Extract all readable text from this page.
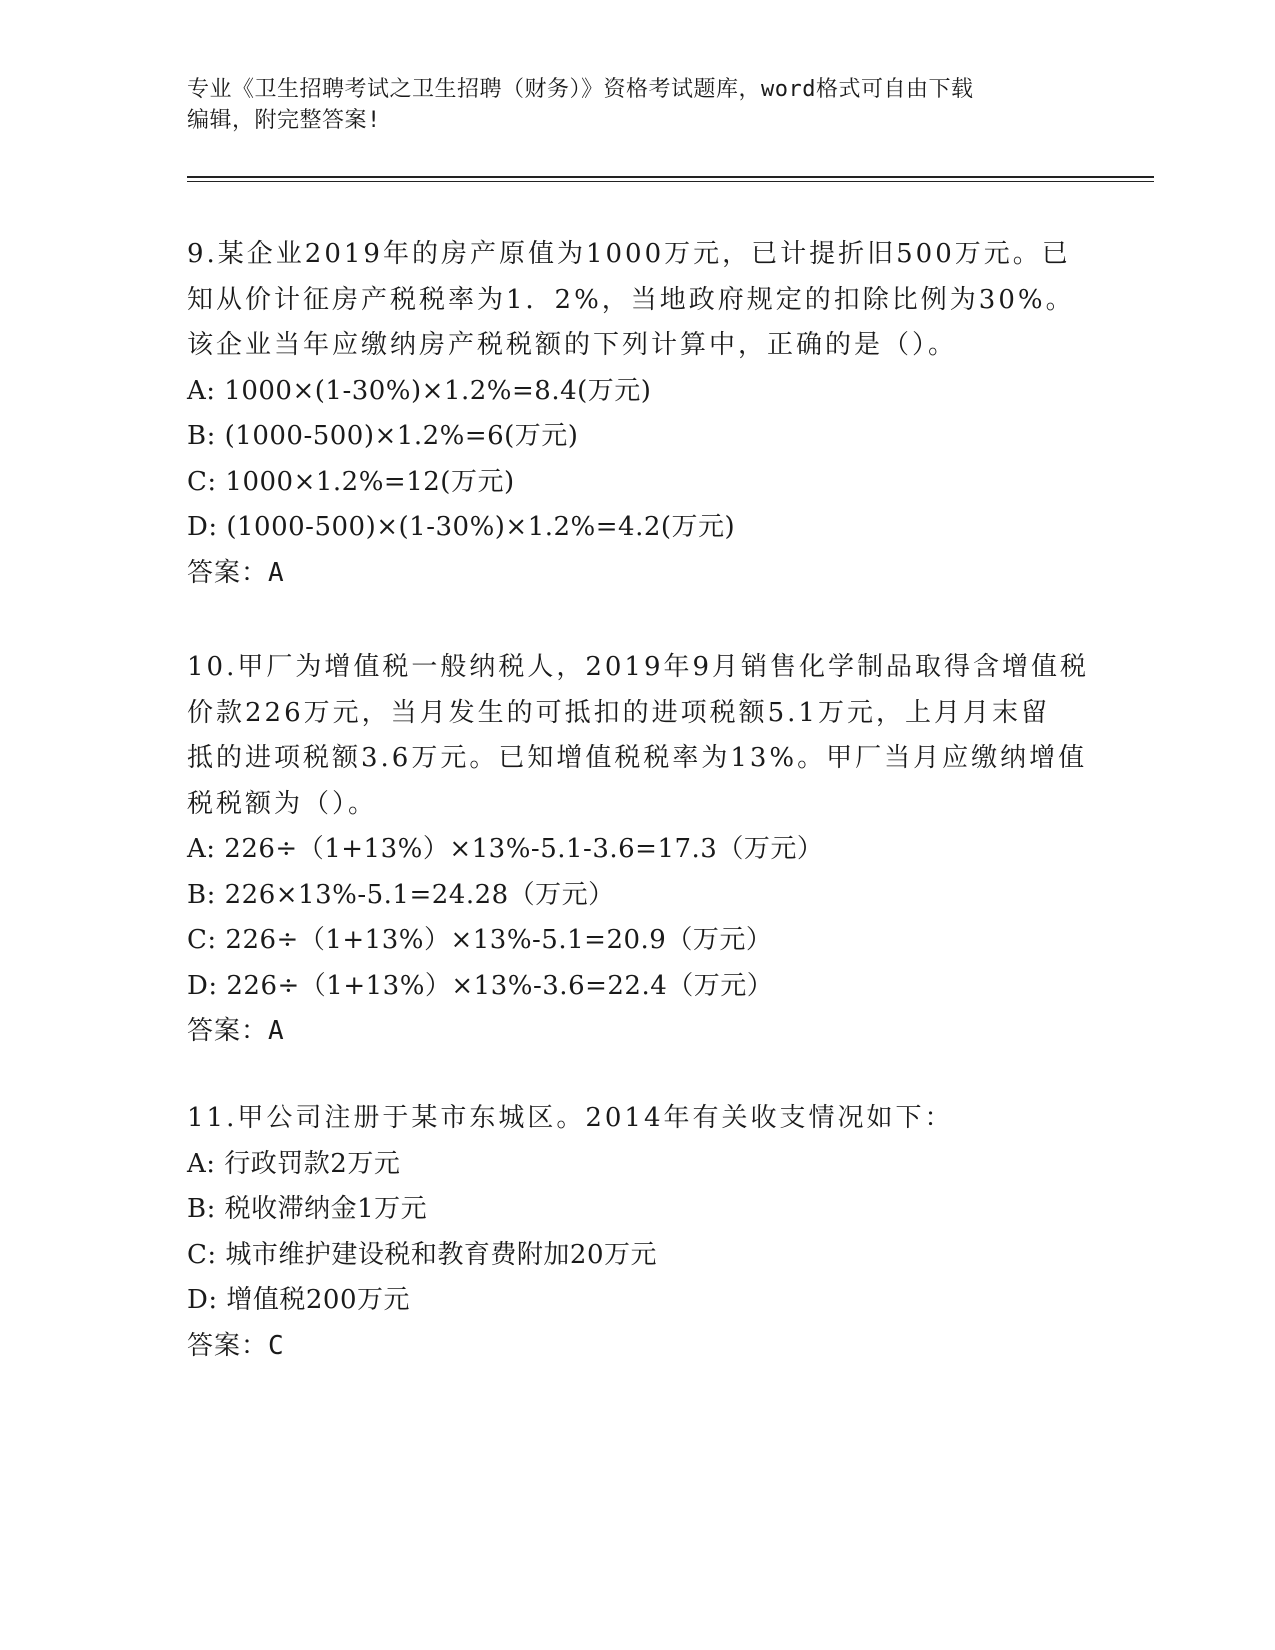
专业《卫生招聘考试之卫生招聘（财务）》资格考试题库，word格式可自由下载
编辑，附完整答案!
9.某企业2019年的房产原值为1000万元，已计提折旧500万元。已
知从价计征房产税税率为1．2%，当地政府规定的扣除比例为30%。
该企业当年应缴纳房产税税额的下列计算中，正确的是（）。
A: 1000×(1-30%)×1.2%=8.4(万元)
B: (1000-500)×1.2%=6(万元)
C: 1000×1.2%=12(万元)
D: (1000-500)×(1-30%)×1.2%=4.2(万元)
答案：A
10.甲厂为增值税一般纳税人，2019年9月销售化学制品取得含增值税
价款226万元，当月发生的可抵扣的进项税额5.1万元，上月月末留
抵的进项税额3.6万元。已知增值税税率为13%。甲厂当月应缴纳增值
税税额为（）。
A: 226÷（1+13%）×13%-5.1-3.6=17.3（万元）
B: 226×13%-5.1=24.28（万元）
C: 226÷（1+13%）×13%-5.1=20.9（万元）
D: 226÷（1+13%）×13%-3.6=22.4（万元）
答案：A
11.甲公司注册于某市东城区。2014年有关收支情况如下：
A: 行政罚款2万元
B: 税收滞纳金1万元
C: 城市维护建设税和教育费附加20万元
D: 增值税200万元
答案：C
